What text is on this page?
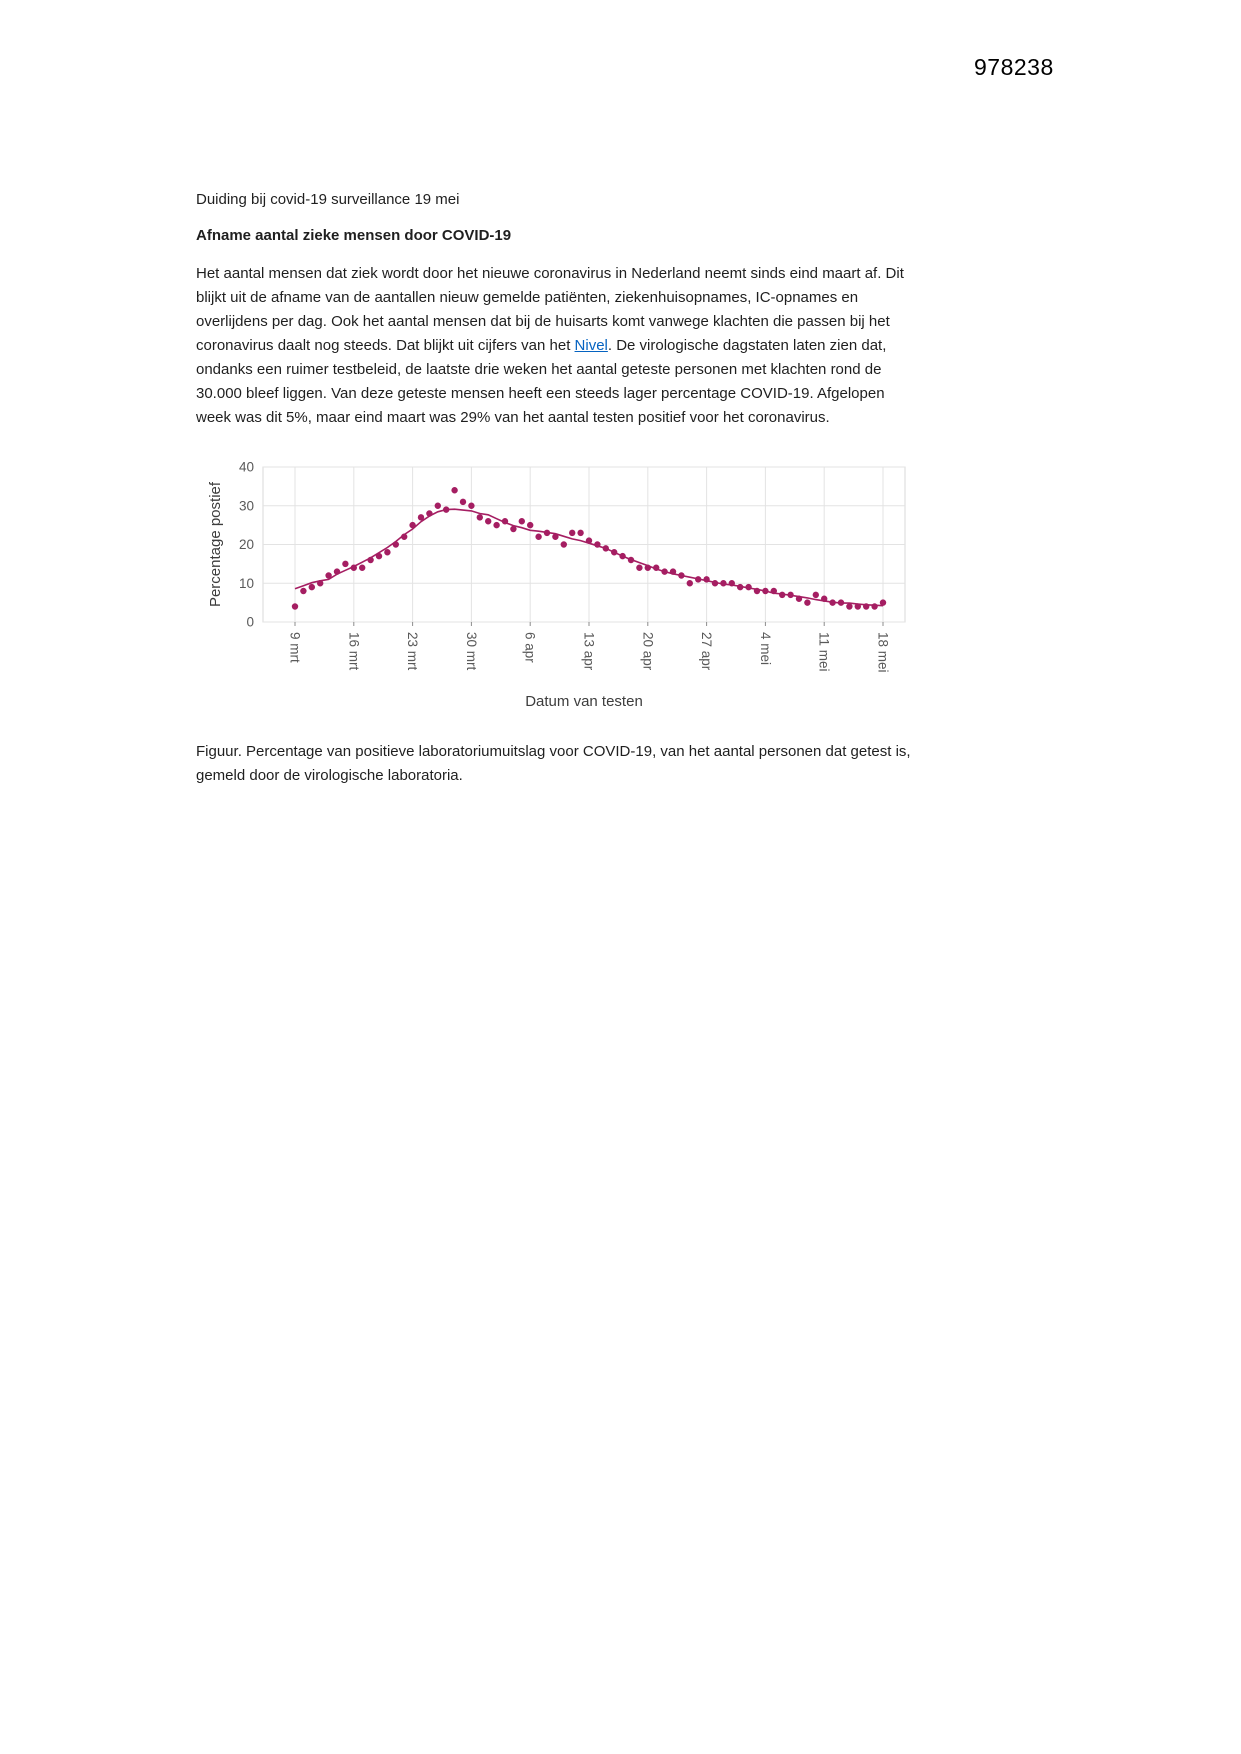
978238

Duiding bij covid-19 surveillance 19 mei

Afname aantal zieke mensen door COVID-19

Het aantal mensen dat ziek wordt door het nieuwe coronavirus in Nederland neemt sinds eind maart af. Dit blijkt uit de afname van de aantallen nieuw gemelde patiënten, ziekenhuisopnames, IC-opnames en overlijdens per dag. Ook het aantal mensen dat bij de huisarts komt vanwege klachten die passen bij het coronavirus daalt nog steeds. Dat blijkt uit cijfers van het Nivel. De virologische dagstaten laten zien dat, ondanks een ruimer testbeleid, de laatste drie weken het aantal geteste personen met klachten rond de 30.000 bleef liggen. Van deze geteste mensen heeft een steeds lager percentage COVID-19. Afgelopen week was dit 5%, maar eind maart was 29% van het aantal testen positief voor het coronavirus.

0
10
20
30
40
9 mrt	16 mrt	23 mrt	30 mrt	6 apr	13 apr	20 apr	27 apr	4 mei	11 mei	18 mei
Percentage postief
Datum van testen

Figuur. Percentage van positieve laboratoriumuitslag voor COVID-19, van het aantal personen dat getest is, gemeld door de virologische laboratoria.
